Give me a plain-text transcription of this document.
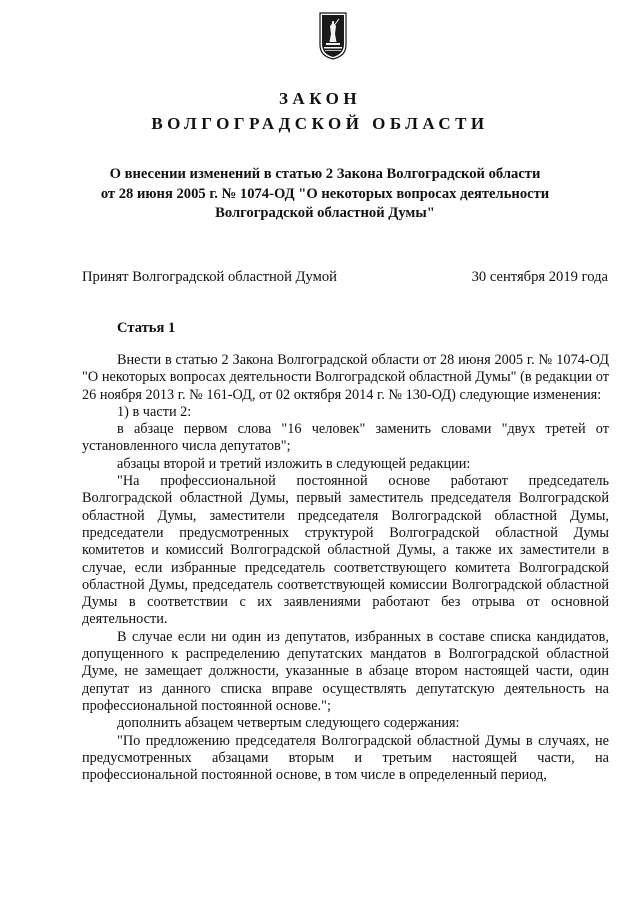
ЗАКОН
ВОЛГОГРАДСКОЙ ОБЛАСТИ
О внесении изменений в статью 2 Закона Волгоградской области
от 28 июня 2005 г. № 1074-ОД "О некоторых вопросах деятельности
Волгоградской областной Думы"
Принят Волгоградской областной Думой	30 сентября 2019 года
Статья 1

Внести в статью 2 Закона Волгоградской области от 28 июня 2005 г. № 1074-ОД "О некоторых вопросах деятельности Волгоградской областной Думы" (в редакции от 26 ноября 2013 г. № 161-ОД, от 02 октября 2014 г. № 130-ОД) следующие изменения:

1) в части 2:

в абзаце первом слова "16 человек" заменить словами "двух третей от установленного числа депутатов";

абзацы второй и третий изложить в следующей редакции:

"На профессиональной постоянной основе работают председатель Волгоградской областной Думы, первый заместитель председателя Волгоградской областной Думы, заместители председателя Волгоградской областной Думы, председатели предусмотренных структурой Волгоградской областной Думы комитетов и комиссий Волгоградской областной Думы, а также их заместители в случае, если избранные председатель соответствующего комитета Волгоградской областной Думы, председатель соответствующей комиссии Волгоградской областной Думы в соответствии с их заявлениями работают без отрыва от основной деятельности.

В случае если ни один из депутатов, избранных в составе списка кандидатов, допущенного к распределению депутатских мандатов в Волгоградской областной Думе, не замещает должности, указанные в абзаце втором настоящей части, один депутат из данного списка вправе осуществлять депутатскую деятельность на профессиональной постоянной основе.";

дополнить абзацем четвертым следующего содержания:

"По предложению председателя Волгоградской областной Думы в случаях, не предусмотренных абзацами вторым и третьим настоящей части, на профессиональной постоянной основе, в том числе в определенный период,
